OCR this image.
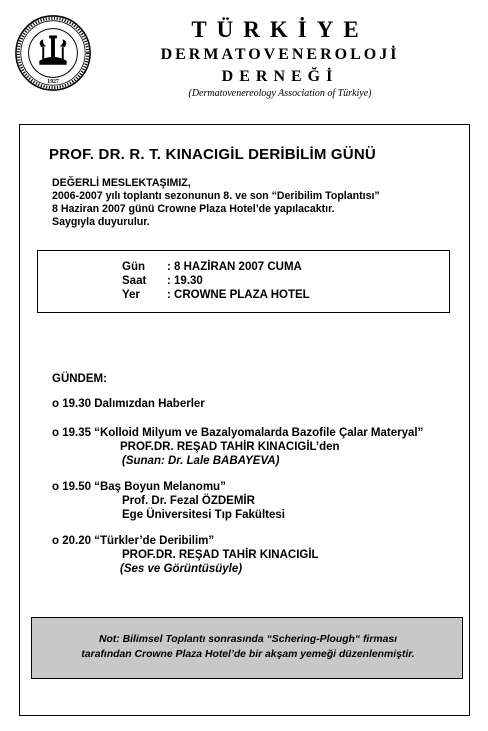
1927
TÜRKİYE
DERMATOVENEROLOJİ
DERNEĞİ
(Dermatovenereology Association of Türkiye)
PROF. DR. R. T. KINACIGİL DERİBİLİM GÜNÜ
DEĞERLİ MESLEKTAŞIMIZ,
2006-2007 yılı toplantı sezonunun 8. ve son “Deribilim Toplantısı”
8 Haziran 2007 günü Crowne Plaza Hotel’de yapılacaktır.
Saygıyla duyurulur.
Gün	: 8 HAZİRAN 2007 CUMA
Saat	: 19.30
Yer	: CROWNE PLAZA HOTEL
GÜNDEM:
o 19.30 Dalımızdan Haberler
o 19.35 “Kolloid Milyum ve Bazalyomalarda Bazofile Çalar Materyal”
PROF.DR. REŞAD TAHİR KINACIGİL’den
(Sunan: Dr. Lale BABAYEVA)
o 19.50 “Baş Boyun Melanomu”
Prof. Dr. Fezal ÖZDEMİR
Ege Üniversitesi Tıp Fakültesi
o 20.20 “Türkler’de Deribilim”
PROF.DR. REŞAD TAHİR KINACIGİL
(Ses ve Görüntüsüyle)
Not: Bilimsel Toplantı sonrasında “Schering-Plough“ firması
tarafından Crowne Plaza Hotel’de bir akşam yemeği düzenlenmiştir.
